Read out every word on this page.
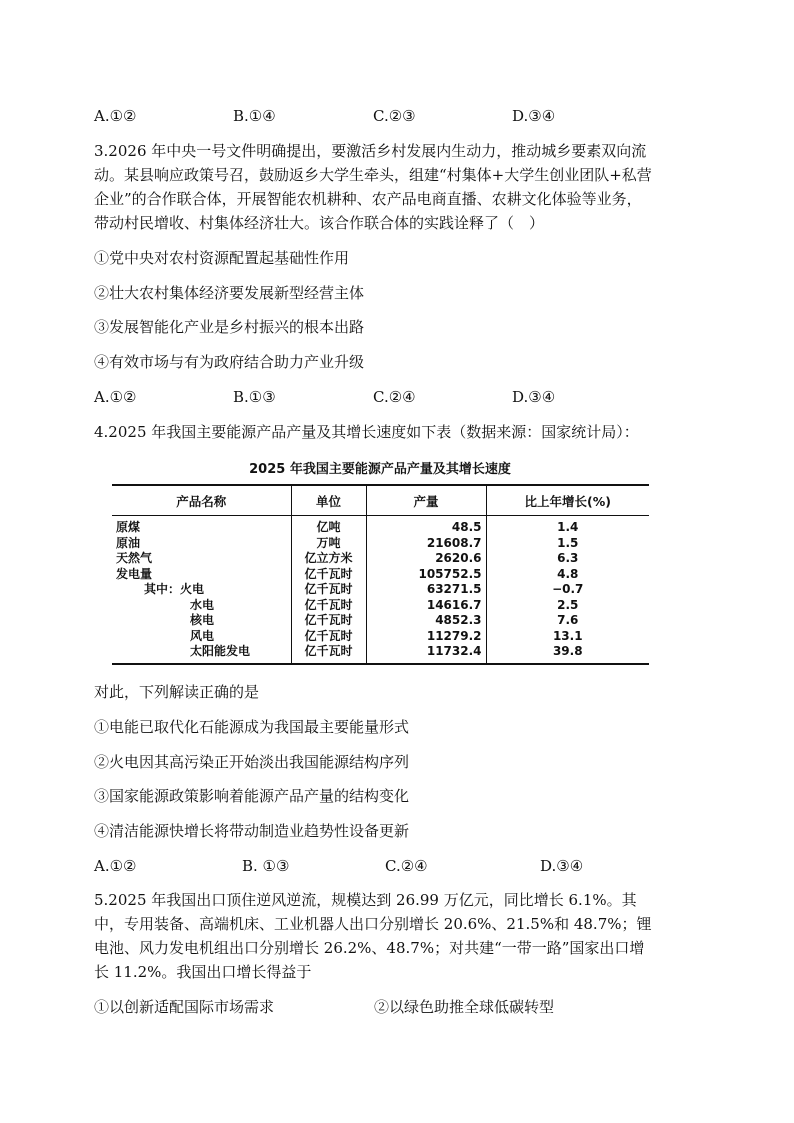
A.①②	B.①④	C.②③	D.③④
3.2026 年中央一号文件明确提出，要激活乡村发展内生动力，推动城乡要素双向流
动。某县响应政策号召，鼓励返乡大学生牵头，组建“村集体+大学生创业团队+私营
企业”的合作联合体，开展智能农机耕种、农产品电商直播、农耕文化体验等业务，
带动村民增收、村集体经济壮大。该合作联合体的实践诠释了（　）
①党中央对农村资源配置起基础性作用
②壮大农村集体经济要发展新型经营主体
③发展智能化产业是乡村振兴的根本出路
④有效市场与有为政府结合助力产业升级
A.①②	B.①③	C.②④	D.③④
4.2025 年我国主要能源产品产量及其增长速度如下表（数据来源：国家统计局）：
2025 年我国主要能源产品产量及其增长速度
产品名称	单位	产量	比上年增长(%)
原煤	亿吨	48.5	1.4
原油	万吨	21608.7	1.5
天然气	亿立方米	2620.6	6.3
发电量	亿千瓦时	105752.5	4.8
其中：火电	亿千瓦时	63271.5	−0.7
水电	亿千瓦时	14616.7	2.5
核电	亿千瓦时	4852.3	7.6
风电	亿千瓦时	11279.2	13.1
太阳能发电	亿千瓦时	11732.4	39.8
对此，下列解读正确的是
①电能已取代化石能源成为我国最主要能量形式
②火电因其高污染正开始淡出我国能源结构序列
③国家能源政策影响着能源产品产量的结构变化
④清洁能源快增长将带动制造业趋势性设备更新
A.①②	B. ①③	C.②④	D.③④
5.2025 年我国出口顶住逆风逆流，规模达到 26.99 万亿元，同比增长 6.1%。其
中，专用装备、高端机床、工业机器人出口分别增长 20.6%、21.5%和 48.7%；锂
电池、风力发电机组出口分别增长 26.2%、48.7%；对共建“一带一路”国家出口增
长 11.2%。我国出口增长得益于
①以创新适配国际市场需求	②以绿色助推全球低碳转型
